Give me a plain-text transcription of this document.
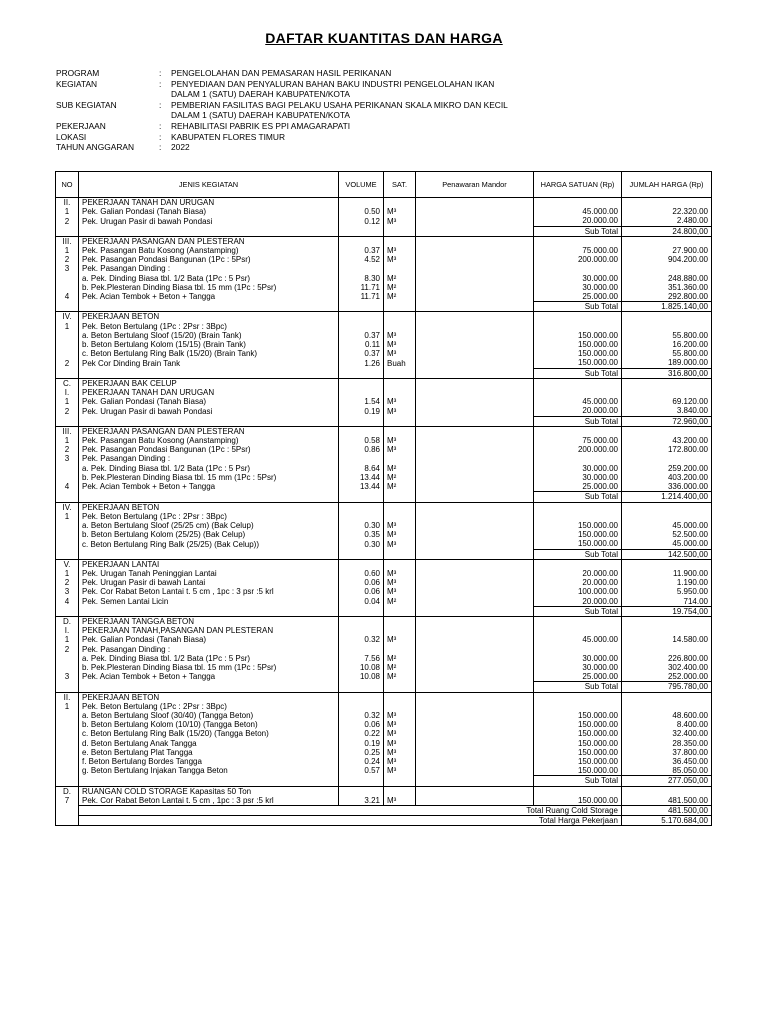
DAFTAR KUANTITAS DAN HARGA
PROGRAM	:	PENGELOLAHAN DAN PEMASARAN HASIL PERIKANAN
KEGIATAN	:	PENYEDIAAN DAN PENYALURAN BAHAN BAKU INDUSTRI PENGELOLAHAN IKAN
DALAM 1 (SATU) DAERAH KABUPATEN/KOTA
SUB KEGIATAN	:	PEMBERIAN FASILITAS BAGI PELAKU USAHA PERIKANAN SKALA MIKRO DAN KECIL
DALAM 1 (SATU) DAERAH KABUPATEN/KOTA
PEKERJAAN	:	REHABILITASI PABRIK ES PPI AMAGARAPATI
LOKASI	:	KABUPATEN FLORES TIMUR
TAHUN ANGGARAN	:	2022
NO	JENIS KEGIATAN	VOLUME	SAT.	Penawaran Mandor	HARGA SATUAN (Rp)	JUMLAH HARGA (Rp)
II.	PEKERJAAN TANAH DAN URUGAN					
1	Pek. Galian Pondasi (Tanah Biasa)	0.50	M³		45.000.00	22.320.00
2	Pek. Urugan Pasir di bawah Pondasi	0.12	M³		20.000.00	2.480.00
					Sub Total	24.800,00
III.	PEKERJAAN PASANGAN DAN PLESTERAN					
1	Pek. Pasangan Batu Kosong (Aanstamping)	0.37	M³		75.000.00	27.900.00
2	Pek. Pasangan Pondasi Bangunan (1Pc : 5Psr)	4.52	M³		200.000.00	904.200.00
3	Pek. Pasangan Dinding :					
	a. Pek. Dinding Biasa tbl. 1/2 Bata (1Pc : 5 Psr)	8.30	M²		30.000.00	248.880.00
	b. Pek.Plesteran Dinding Biasa tbl. 15 mm (1Pc : 5Psr)	11.71	M²		30.000.00	351.360.00
4	Pek. Acian Tembok + Beton + Tangga	11.71	M²		25.000.00	292.800.00
					Sub Total	1.825.140,00
IV.	PEKERJAAN BETON					
1	Pek. Beton Bertulang (1Pc : 2Psr : 3Bpc)					
	a. Beton Bertulang Sloof (15/20) (Brain Tank)	0.37	M³		150.000.00	55.800.00
	b. Beton Bertulang Kolom (15/15) (Brain Tank)	0.11	M³		150.000.00	16.200.00
	c. Beton Bertulang Ring Balk (15/20) (Brain Tank)	0.37	M³		150.000.00	55.800.00
2	Pek Cor Dinding Brain Tank	1.26	Buah		150.000.00	189.000.00
					Sub Total	316.800,00
C.	PEKERJAAN BAK CELUP					
I.	PEKERJAAN TANAH DAN URUGAN					
1	Pek. Galian Pondasi (Tanah Biasa)	1.54	M³		45.000.00	69.120.00
2	Pek. Urugan Pasir di bawah Pondasi	0.19	M³		20.000.00	3.840.00
					Sub Total	72.960,00
III.	PEKERJAAN PASANGAN DAN PLESTERAN					
1	Pek. Pasangan Batu Kosong (Aanstamping)	0.58	M³		75.000.00	43.200.00
2	Pek. Pasangan Pondasi Bangunan (1Pc : 5Psr)	0.86	M³		200.000.00	172.800.00
3	Pek. Pasangan Dinding :					
	a. Pek. Dinding Biasa tbl. 1/2 Bata (1Pc : 5 Psr)	8.64	M²		30.000.00	259.200.00
	b. Pek.Plesteran Dinding Biasa tbl. 15 mm (1Pc : 5Psr)	13.44	M²		30.000.00	403.200.00
4	Pek. Acian Tembok + Beton + Tangga	13.44	M²		25.000.00	336.000.00
					Sub Total	1.214.400,00
IV.	PEKERJAAN BETON					
1	Pek. Beton Bertulang (1Pc : 2Psr : 3Bpc)					
	a. Beton Bertulang Sloof (25/25 cm) (Bak Celup)	0.30	M³		150.000.00	45.000.00
	b. Beton Bertulang Kolom (25/25) (Bak Celup)	0.35	M³		150.000.00	52.500.00
	c. Beton Bertulang Ring Balk (25/25) (Bak Celup))	0.30	M³		150.000.00	45.000.00
					Sub Total	142.500,00
V.	PEKERJAAN LANTAI					
1	Pek. Urugan Tanah Peninggian Lantai	0.60	M³		20.000.00	11.900.00
2	Pek. Urugan Pasir di bawah Lantai	0.06	M³		20.000.00	1.190.00
3	Pek. Cor Rabat Beton Lantai t. 5 cm , 1pc : 3 psr :5 krl	0.06	M³		100.000.00	5.950.00
4	Pek. Semen Lantai Licin	0.04	M²		20.000.00	714.00
					Sub Total	19.754,00
D.	PEKERJAAN TANGGA BETON					
I.	PEKERJAAN TANAH,PASANGAN DAN PLESTERAN					
1	Pek. Galian Pondasi (Tanah Biasa)	0.32	M³		45.000.00	14.580.00
2	Pek. Pasangan Dinding :					
	a. Pek. Dinding Biasa tbl. 1/2 Bata (1Pc : 5 Psr)	7.56	M²		30.000.00	226.800.00
	b. Pek.Plesteran Dinding Biasa tbl. 15 mm (1Pc : 5Psr)	10.08	M²		30.000.00	302.400.00
3	Pek. Acian Tembok + Beton + Tangga	10.08	M²		25.000.00	252.000.00
					Sub Total	795.780,00
II.	PEKERJAAN BETON					
1	Pek. Beton Bertulang (1Pc : 2Psr : 3Bpc)					
	a. Beton Bertulang Sloof (30/40) (Tangga Beton)	0.32	M³		150.000.00	48.600.00
	b. Beton Bertulang Kolom (10/10) (Tangga Beton)	0.06	M³		150.000.00	8.400.00
	c. Beton Bertulang Ring Balk (15/20) (Tangga Beton)	0.22	M³		150.000.00	32.400.00
	d. Beton Bertulang Anak Tangga	0.19	M³		150.000.00	28.350.00
	e. Beton Bertulang Plat Tangga	0.25	M³		150.000.00	37.800.00
	f. Beton Bertulang Bordes Tangga	0.24	M³		150.000.00	36.450.00
	g. Beton Bertulang Injakan Tangga Beton	0.57	M³		150.000.00	85.050.00
					Sub Total	277.050,00
D.	RUANGAN COLD STORAGE Kapasitas 50 Ton					
7	Pek. Cor Rabat Beton Lantai t. 5 cm , 1pc : 3 psr :5 krl	3.21	M³		150.000.00	481.500.00
	Total Ruang Cold Storage					481.500,00
	Total Harga Pekerjaan					5.170.684,00
